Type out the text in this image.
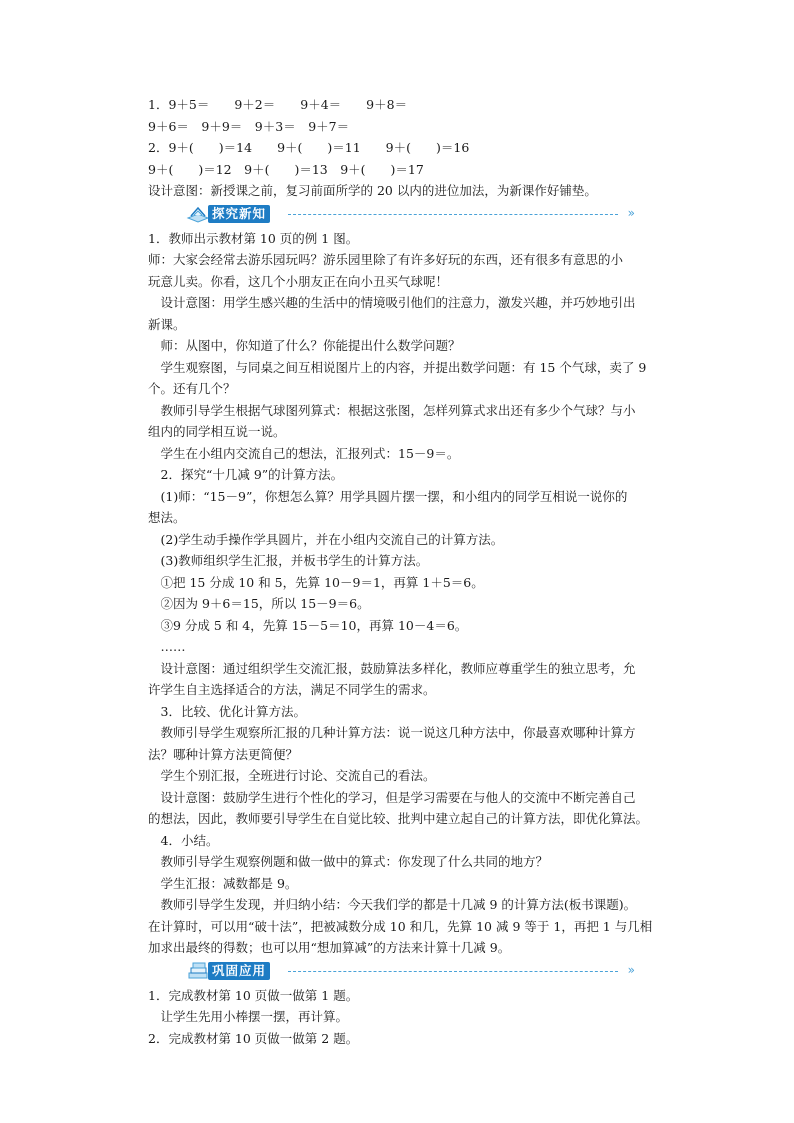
1．9＋5＝　　9＋2＝　　9＋4＝　　9＋8＝
9＋6＝　9＋9＝　9＋3＝　9＋7＝
2．9＋(　　)＝14　　9＋(　　)＝11　　9＋(　　)＝16
9＋(　　)＝12　9＋(　　)＝13　9＋(　　)＝17
设计意图：新授课之前，复习前面所学的 20 以内的进位加法，为新课作好铺垫。
探究新知	»
1．教师出示教材第 10 页的例 1 图。
师：大家会经常去游乐园玩吗？游乐园里除了有许多好玩的东西，还有很多有意思的小
玩意儿卖。你看，这几个小朋友正在向小丑买气球呢！
　设计意图：用学生感兴趣的生活中的情境吸引他们的注意力，激发兴趣，并巧妙地引出
新课。
　师：从图中，你知道了什么？你能提出什么数学问题？
　学生观察图，与同桌之间互相说图片上的内容，并提出数学问题：有 15 个气球，卖了 9
个。还有几个？
　教师引导学生根据气球图列算式：根据这张图，怎样列算式求出还有多少个气球？与小
组内的同学相互说一说。
　学生在小组内交流自己的想法，汇报列式：15－9＝。
　2．探究“十几减 9”的计算方法。
　(1)师：“15－9”，你想怎么算？用学具圆片摆一摆，和小组内的同学互相说一说你的
想法。
　(2)学生动手操作学具圆片，并在小组内交流自己的计算方法。
　(3)教师组织学生汇报，并板书学生的计算方法。
　①把 15 分成 10 和 5，先算 10－9＝1，再算 1＋5＝6。
　②因为 9＋6＝15，所以 15－9＝6。
　③9 分成 5 和 4，先算 15－5＝10，再算 10－4＝6。
　……
　设计意图：通过组织学生交流汇报，鼓励算法多样化，教师应尊重学生的独立思考，允
许学生自主选择适合的方法，满足不同学生的需求。
　3．比较、优化计算方法。
　教师引导学生观察所汇报的几种计算方法：说一说这几种方法中，你最喜欢哪种计算方
法？哪种计算方法更简便？
　学生个别汇报，全班进行讨论、交流自己的看法。
　设计意图：鼓励学生进行个性化的学习，但是学习需要在与他人的交流中不断完善自己
的想法，因此，教师要引导学生在自觉比较、批判中建立起自己的计算方法，即优化算法。
　4．小结。
　教师引导学生观察例题和做一做中的算式：你发现了什么共同的地方？
　学生汇报：减数都是 9。
　教师引导学生发现，并归纳小结：今天我们学的都是十几减 9 的计算方法(板书课题)。
在计算时，可以用“破十法”，把被减数分成 10 和几，先算 10 减 9 等于 1，再把 1 与几相
加求出最终的得数；也可以用“想加算减”的方法来计算十几减 9。
巩固应用	»
1．完成教材第 10 页做一做第 1 题。
　让学生先用小棒摆一摆，再计算。
2．完成教材第 10 页做一做第 2 题。
